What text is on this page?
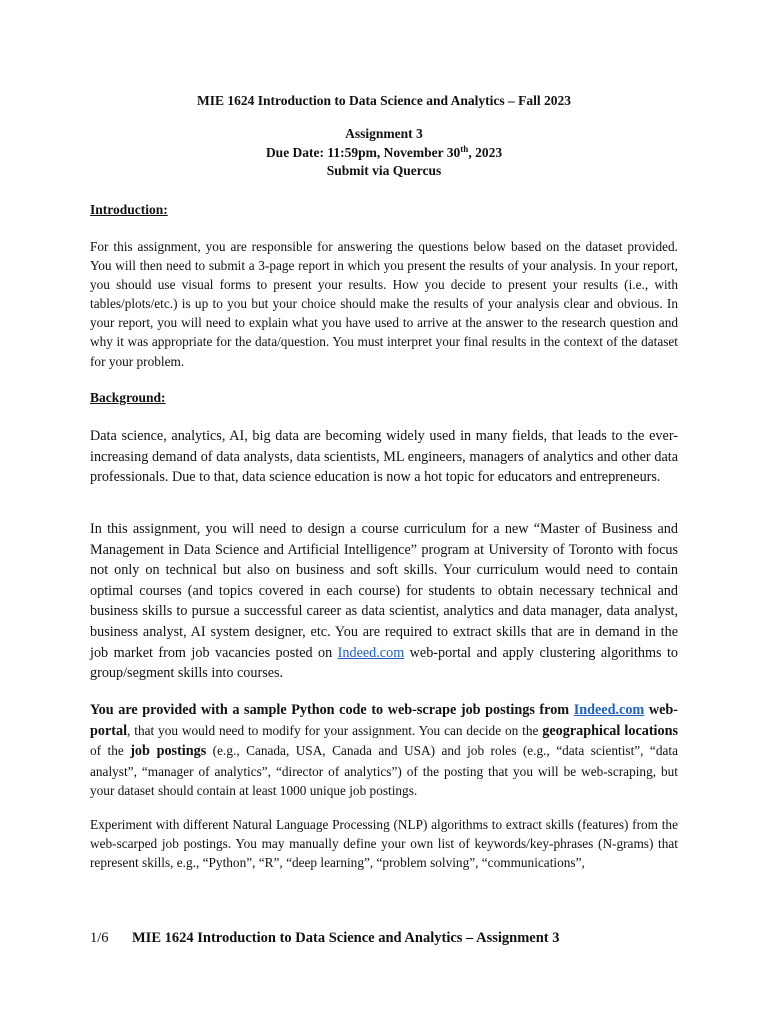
MIE 1624 Introduction to Data Science and Analytics – Fall 2023
Assignment 3
Due Date: 11:59pm, November 30th, 2023
Submit via Quercus
Introduction:
For this assignment, you are responsible for answering the questions below based on the dataset provided. You will then need to submit a 3-page report in which you present the results of your analysis. In your report, you should use visual forms to present your results. How you decide to present your results (i.e., with tables/plots/etc.) is up to you but your choice should make the results of your analysis clear and obvious. In your report, you will need to explain what you have used to arrive at the answer to the research question and why it was appropriate for the data/question. You must interpret your final results in the context of the dataset for your problem.
Background:
Data science, analytics, AI, big data are becoming widely used in many fields, that leads to the ever-increasing demand of data analysts, data scientists, ML engineers, managers of analytics and other data professionals. Due to that, data science education is now a hot topic for educators and entrepreneurs.
In this assignment, you will need to design a course curriculum for a new “Master of Business and Management in Data Science and Artificial Intelligence” program at University of Toronto with focus not only on technical but also on business and soft skills. Your curriculum would need to contain optimal courses (and topics covered in each course) for students to obtain necessary technical and business skills to pursue a successful career as data scientist, analytics and data manager, data analyst, business analyst, AI system designer, etc. You are required to extract skills that are in demand in the job market from job vacancies posted on Indeed.com web-portal and apply clustering algorithms to group/segment skills into courses.
You are provided with a sample Python code to web-scrape job postings from Indeed.com web-portal, that you would need to modify for your assignment. You can decide on the geographical locations of the job postings (e.g., Canada, USA, Canada and USA) and job roles (e.g., “data scientist”, “data analyst”, “manager of analytics”, “director of analytics”) of the posting that you will be web-scraping, but your dataset should contain at least 1000 unique job postings.
Experiment with different Natural Language Processing (NLP) algorithms to extract skills (features) from the web-scarped job postings. You may manually define your own list of keywords/key-phrases (N-grams) that represent skills, e.g., “Python”, “R”, “deep learning”, “problem solving”, “communications”,
1/6 MIE 1624 Introduction to Data Science and Analytics – Assignment 3
